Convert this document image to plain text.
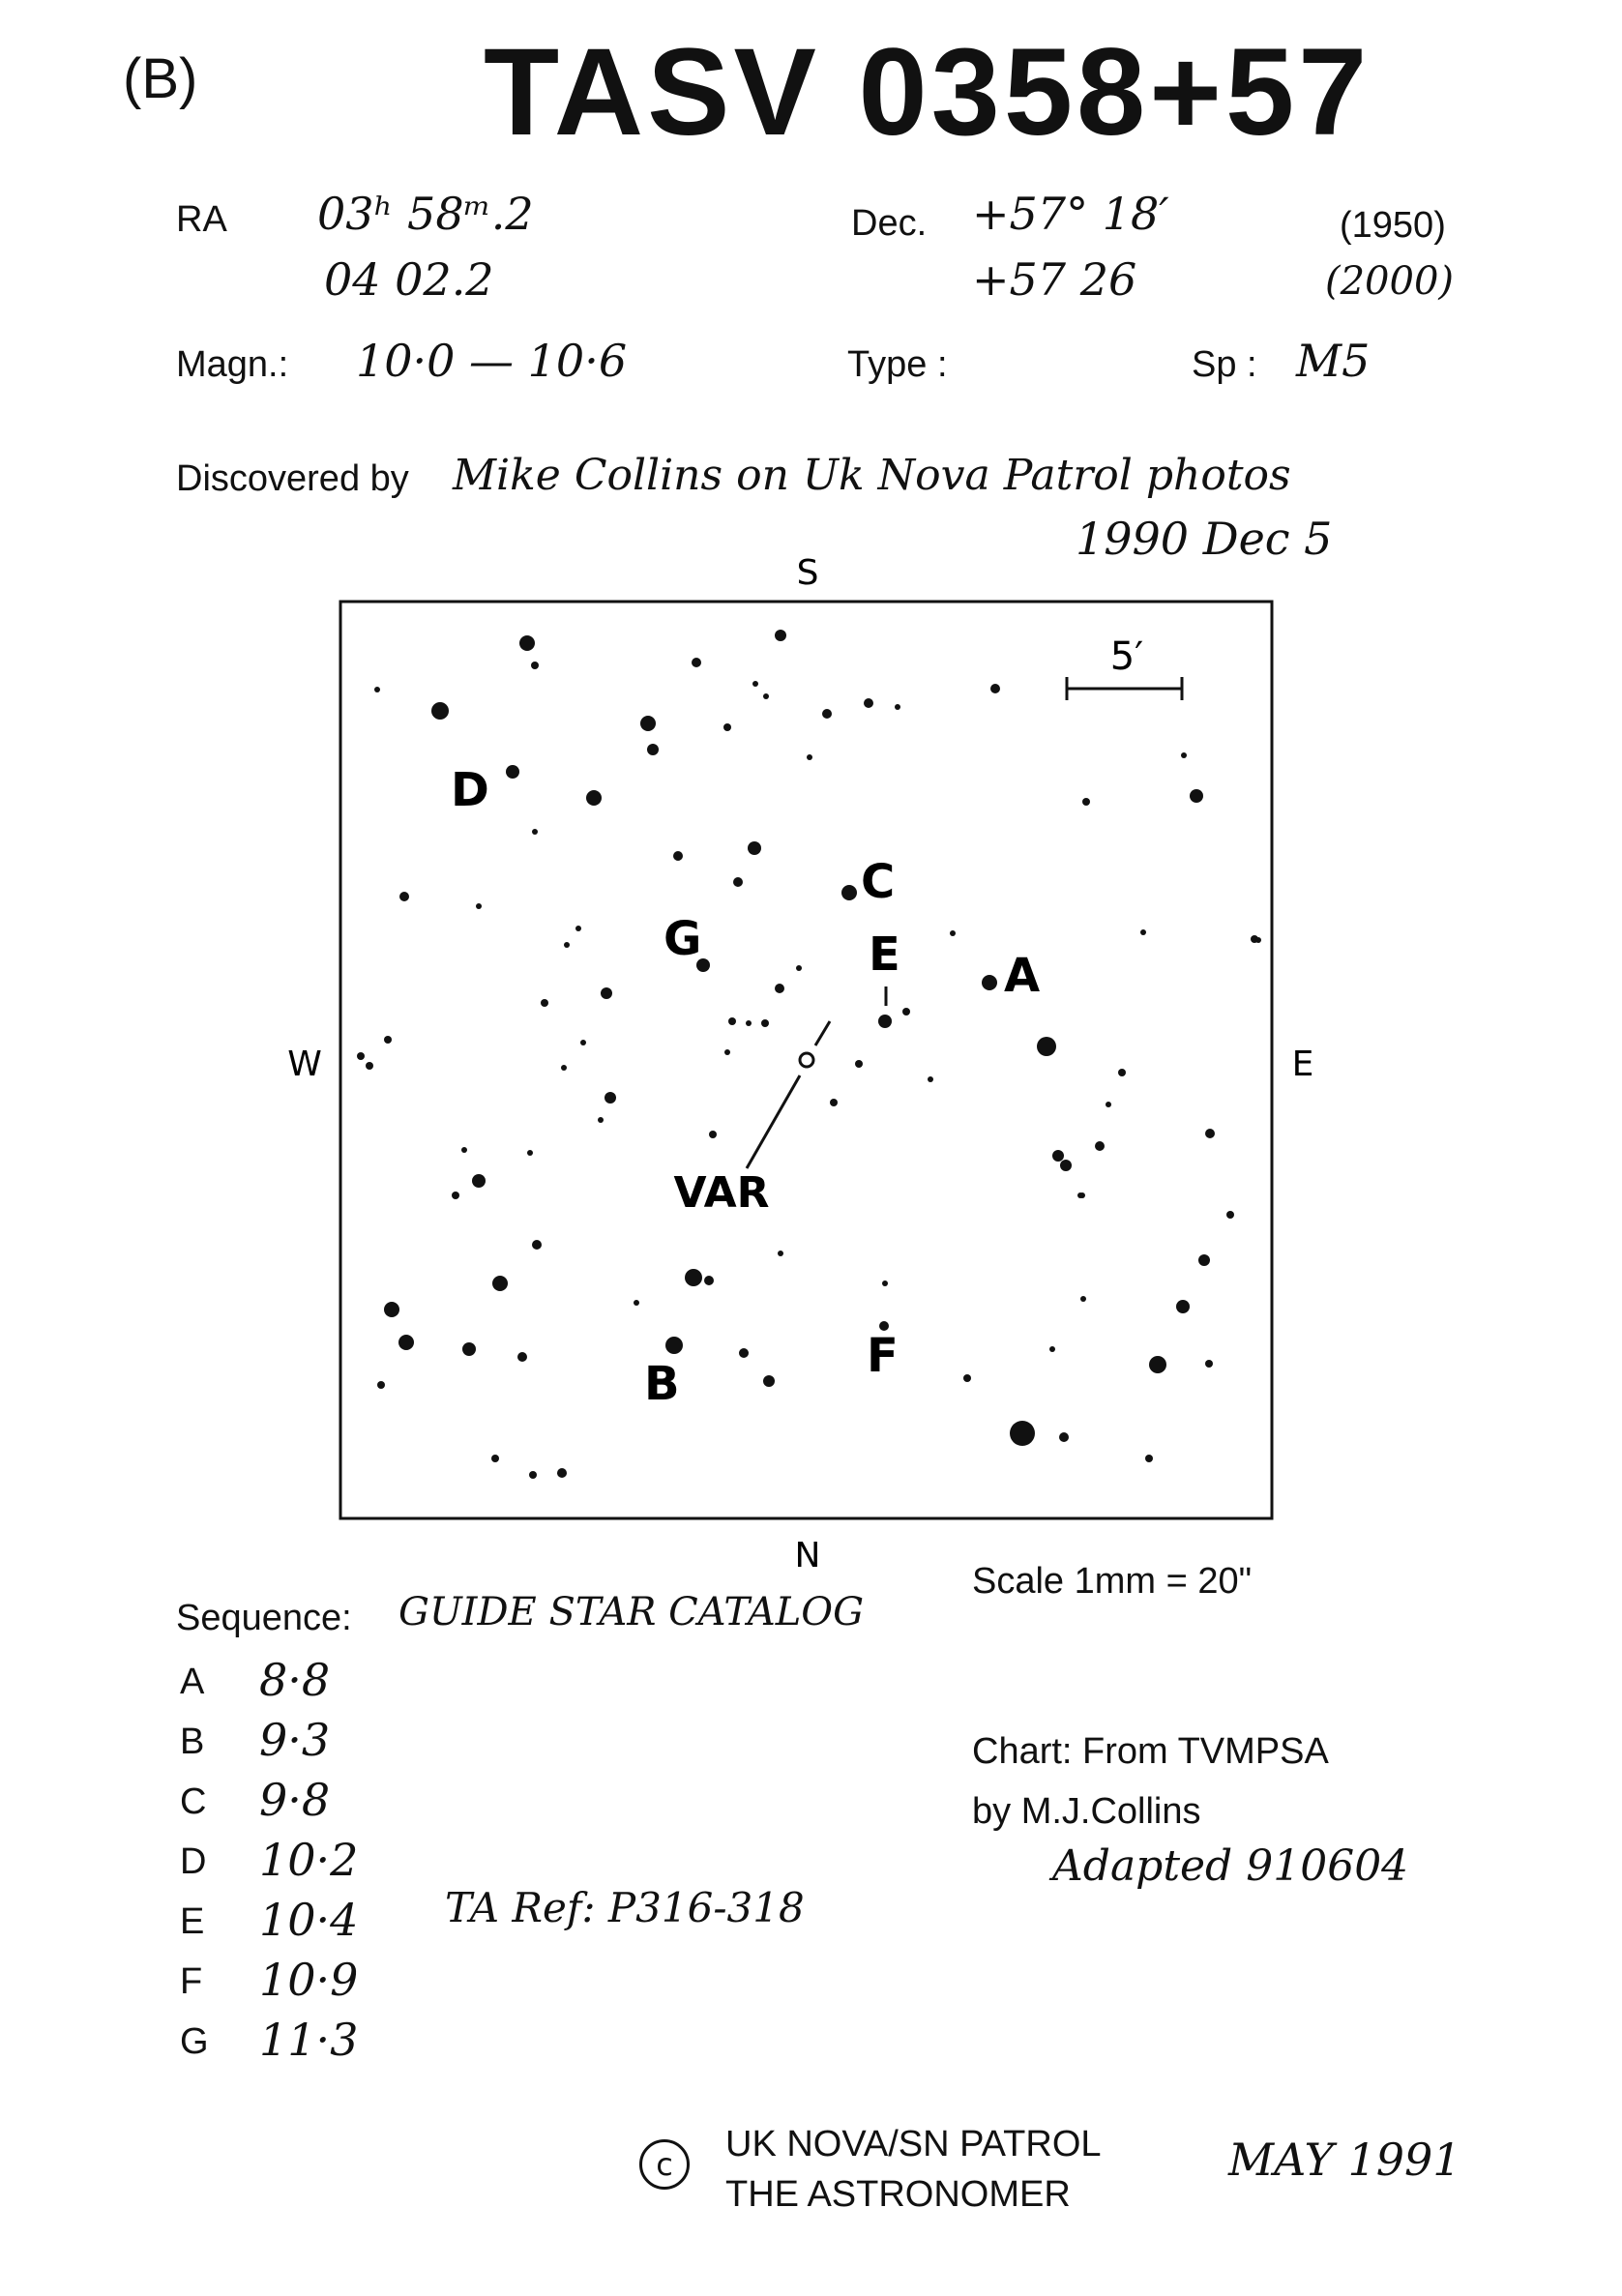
(B) TASV 0358+57
RA 03ʰ 58ᵐ.2
04 02.2
Dec. +57° 18′
+57 26
(1950)
(2000)
Magn.: 10·0 — 10·6	Type :	Sp : M5
Discovered by Mike Collins on Uk Nova Patrol photos
1990 Dec 5
S
N
W	E
5′
VAR
A
B
C
D
E
F
G
Scale 1mm = 20"
Sequence: GUIDE STAR CATALOG
A 8·8
B 9·3
C 9·8
D 10·2
E 10·4
F 10·9
G 11·3
TA Ref: P316-318
Chart: From TVMPSA
by M.J.Collins
Adapted 910604
c	UK NOVA/SN PATROL
THE ASTRONOMER
MAY 1991
